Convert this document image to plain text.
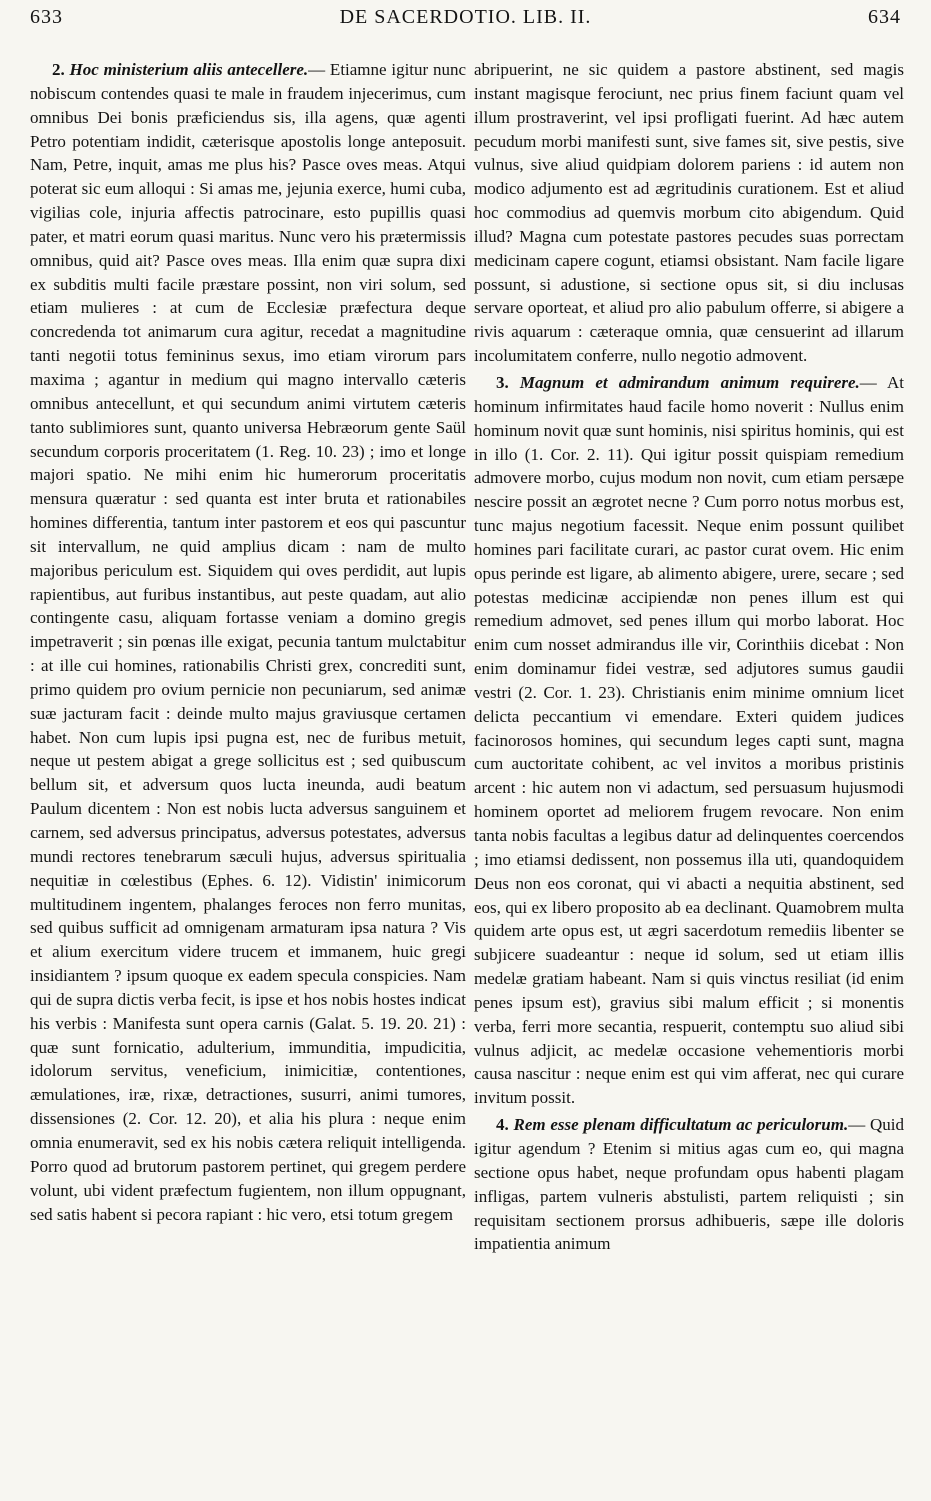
633	DE SACERDOTIO. LIB. II.	634

2. Hoc ministerium aliis antecellere.— Etiamne igitur nunc nobiscum contendes quasi te male in fraudem injecerimus, cum omnibus Dei bonis præficiendus sis, illa agens, quæ agenti Petro potentiam indidit, cæterisque apostolis longe anteposuit. Nam, Petre, inquit, amas me plus his? Pasce oves meas. Atqui poterat sic eum alloqui : Si amas me, jejunia exerce, humi cuba, vigilias cole, injuria affectis patrocinare, esto pupillis quasi pater, et matri eorum quasi maritus. Nunc vero his prætermissis omnibus, quid ait? Pasce oves meas. Illa enim quæ supra dixi ex subditis multi facile præstare possint, non viri solum, sed etiam mulieres : at cum de Ecclesiæ præfectura deque concredenda tot animarum cura agitur, recedat a magnitudine tanti negotii totus femininus sexus, imo etiam virorum pars maxima ; agantur in medium qui magno intervallo cæteris omnibus antecellunt, et qui secundum animi virtutem cæteris tanto sublimiores sunt, quanto universa Hebræorum gente Saül secundum corporis proceritatem (1. Reg. 10. 23) ; imo et longe majori spatio. Ne mihi enim hic humerorum proceritatis mensura quæratur : sed quanta est inter bruta et rationabiles homines differentia, tantum inter pastorem et eos qui pascuntur sit intervallum, ne quid amplius dicam : nam de multo majoribus periculum est. Siquidem qui oves perdidit, aut lupis rapientibus, aut furibus instantibus, aut peste quadam, aut alio contingente casu, aliquam fortasse veniam a domino gregis impetraverit ; sin pœnas ille exigat, pecunia tantum mulctabitur : at ille cui homines, rationabilis Christi grex, concrediti sunt, primo quidem pro ovium pernicie non pecuniarum, sed animæ suæ jacturam facit : deinde multo majus graviusque certamen habet. Non cum lupis ipsi pugna est, nec de furibus metuit, neque ut pestem abigat a grege sollicitus est ; sed quibuscum bellum sit, et adversum quos lucta ineunda, audi beatum Paulum dicentem : Non est nobis lucta adversus sanguinem et carnem, sed adversus principatus, adversus potestates, adversus mundi rectores tenebrarum sæculi hujus, adversus spiritualia nequitiæ in cœlestibus (Ephes. 6. 12). Vidistin' inimicorum multitudinem ingentem, phalanges feroces non ferro munitas, sed quibus sufficit ad omnigenam armaturam ipsa natura ? Vis et alium exercitum videre trucem et immanem, huic gregi insidiantem ? ipsum quoque ex eadem specula conspicies. Nam qui de supra dictis verba fecit, is ipse et hos nobis hostes indicat his verbis : Manifesta sunt opera carnis (Galat. 5. 19. 20. 21) : quæ sunt fornicatio, adulterium, immunditia, impudicitia, idolorum servitus, veneficium, inimicitiæ, contentiones, æmulationes, iræ, rixæ, detractiones, susurri, animi tumores, dissensiones (2. Cor. 12. 20), et alia his plura : neque enim omnia enumeravit, sed ex his nobis cætera reliquit intelligenda. Porro quod ad brutorum pastorem pertinet, qui gregem perdere volunt, ubi vident præfectum fugientem, non illum oppugnant, sed satis habent si pecora rapiant : hic vero, etsi totum gregem

abripuerint, ne sic quidem a pastore abstinent, sed magis instant magisque ferociunt, nec prius finem faciunt quam vel illum prostraverint, vel ipsi profligati fuerint. Ad hæc autem pecudum morbi manifesti sunt, sive fames sit, sive pestis, sive vulnus, sive aliud quidpiam dolorem pariens : id autem non modico adjumento est ad ægritudinis curationem. Est et aliud hoc commodius ad quemvis morbum cito abigendum. Quid illud? Magna cum potestate pastores pecudes suas porrectam medicinam capere cogunt, etiamsi obsistant. Nam facile ligare possunt, si adustione, si sectione opus sit, si diu inclusas servare oporteat, et aliud pro alio pabulum offerre, si abigere a rivis aquarum : cæteraque omnia, quæ censuerint ad illarum incolumitatem conferre, nullo negotio admovent.

3. Magnum et admirandum animum requirere.— At hominum infirmitates haud facile homo noverit : Nullus enim hominum novit quæ sunt hominis, nisi spiritus hominis, qui est in illo (1. Cor. 2. 11). Qui igitur possit quispiam remedium admovere morbo, cujus modum non novit, cum etiam persæpe nescire possit an ægrotet necne ? Cum porro notus morbus est, tunc majus negotium facessit. Neque enim possunt quilibet homines pari facilitate curari, ac pastor curat ovem. Hic enim opus perinde est ligare, ab alimento abigere, urere, secare ; sed potestas medicinæ accipiendæ non penes illum est qui remedium admovet, sed penes illum qui morbo laborat. Hoc enim cum nosset admirandus ille vir, Corinthiis dicebat : Non enim dominamur fidei vestræ, sed adjutores sumus gaudii vestri (2. Cor. 1. 23). Christianis enim minime omnium licet delicta peccantium vi emendare. Exteri quidem judices facinorosos homines, qui secundum leges capti sunt, magna cum auctoritate cohibent, ac vel invitos a moribus pristinis arcent : hic autem non vi adactum, sed persuasum hujusmodi hominem oportet ad meliorem frugem revocare. Non enim tanta nobis facultas a legibus datur ad delinquentes coercendos ; imo etiamsi dedissent, non possemus illa uti, quandoquidem Deus non eos coronat, qui vi abacti a nequitia abstinent, sed eos, qui ex libero proposito ab ea declinant. Quamobrem multa quidem arte opus est, ut ægri sacerdotum remediis libenter se subjicere suadeantur : neque id solum, sed ut etiam illis medelæ gratiam habeant. Nam si quis vinctus resiliat (id enim penes ipsum est), gravius sibi malum efficit ; si monentis verba, ferri more secantia, respuerit, contemptu suo aliud sibi vulnus adjicit, ac medelæ occasione vehementioris morbi causa nascitur : neque enim est qui vim afferat, nec qui curare invitum possit.

4. Rem esse plenam difficultatum ac periculorum.— Quid igitur agendum ? Etenim si mitius agas cum eo, qui magna sectione opus habet, neque profundam opus habenti plagam infligas, partem vulneris abstulisti, partem reliquisti ; sin requisitam sectionem prorsus adhibueris, sæpe ille doloris impatientia animum
